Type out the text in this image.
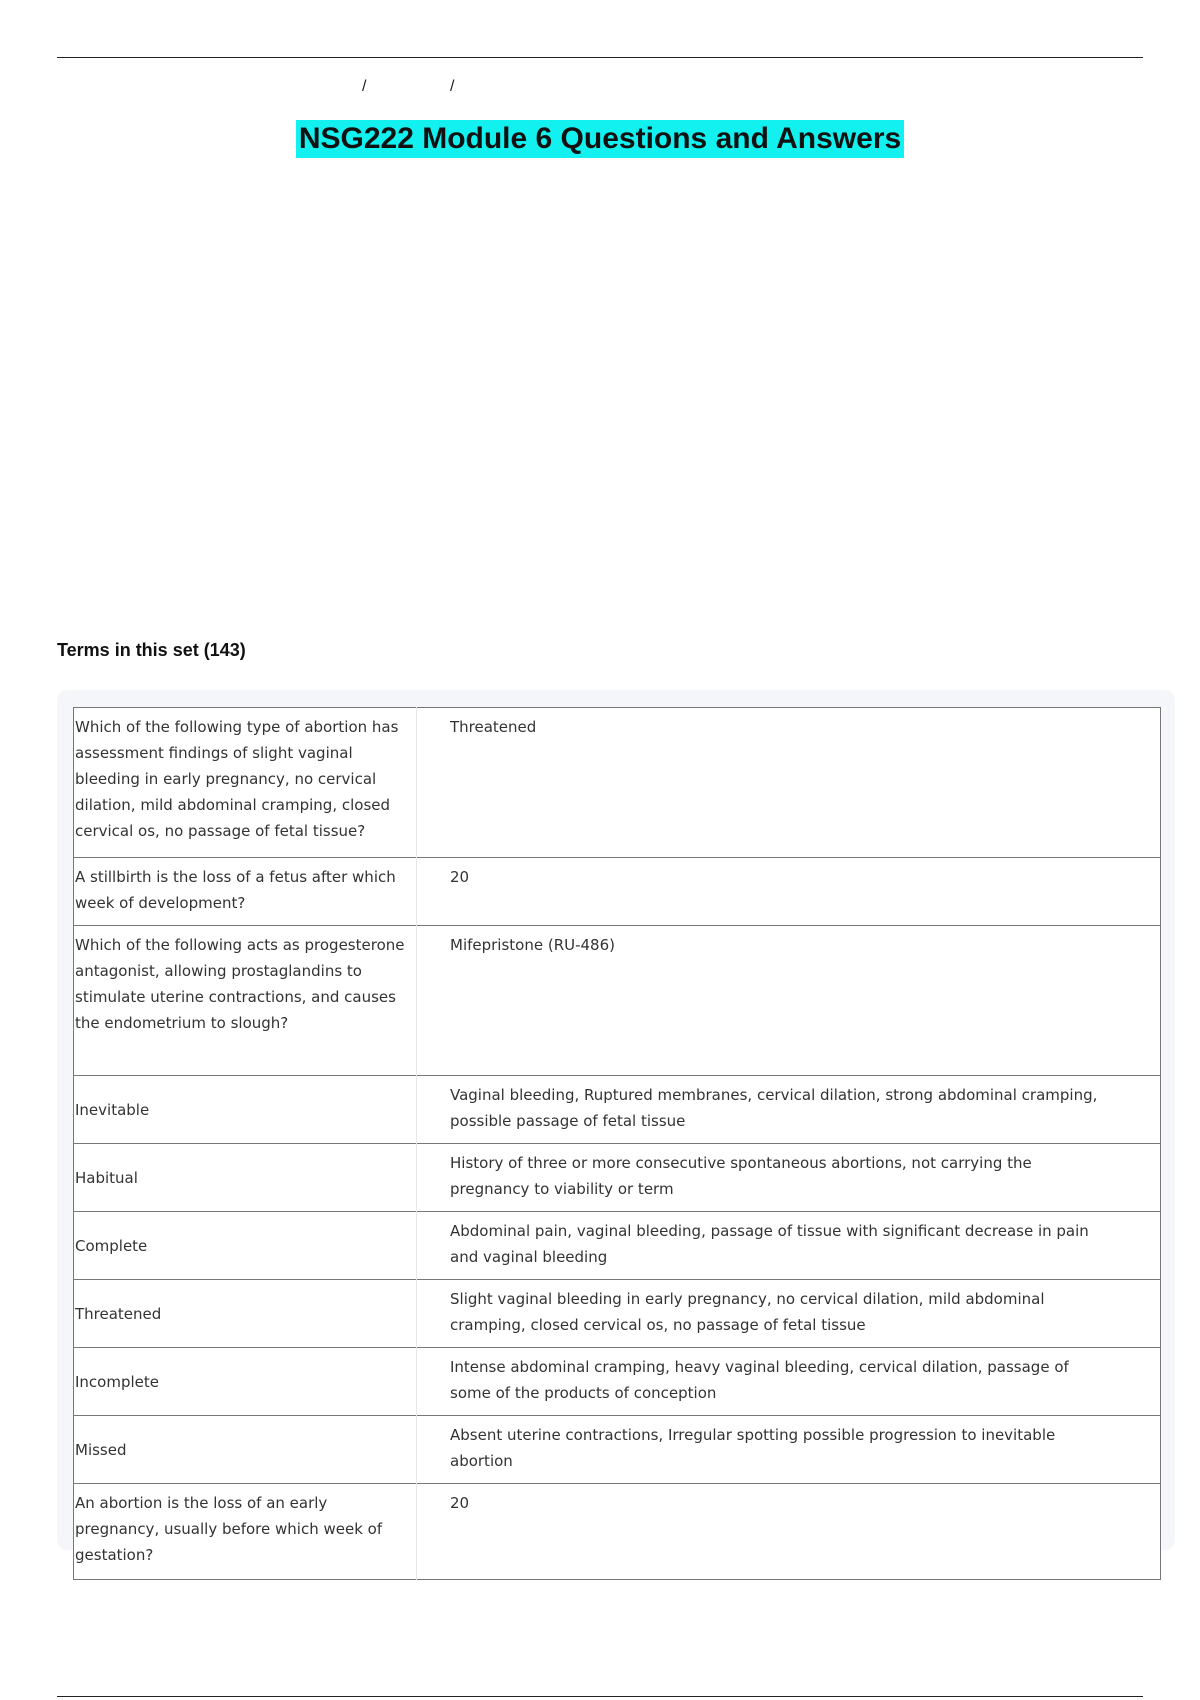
/	/
NSG222 Module 6 Questions and Answers
Terms in this set (143)
Which of the following type of abortion has assessment findings of slight vaginal bleeding in early pregnancy, no cervical dilation, mild abdominal cramping, closed cervical os, no passage of fetal tissue?	Threatened
A stillbirth is the loss of a fetus after which week of development?	20
Which of the following acts as progesterone antagonist, allowing prostaglandins to stimulate uterine contractions, and causes the endometrium to slough?	Mifepristone (RU-486)
Inevitable	Vaginal bleeding, Ruptured membranes, cervical dilation, strong abdominal cramping, possible passage of fetal tissue
Habitual	History of three or more consecutive spontaneous abortions, not carrying the pregnancy to viability or term
Complete	Abdominal pain, vaginal bleeding, passage of tissue with significant decrease in pain and vaginal bleeding
Threatened	Slight vaginal bleeding in early pregnancy, no cervical dilation, mild abdominal cramping, closed cervical os, no passage of fetal tissue
Incomplete	Intense abdominal cramping, heavy vaginal bleeding, cervical dilation, passage of some of the products of conception
Missed	Absent uterine contractions, Irregular spotting possible progression to inevitable abortion
An abortion is the loss of an early pregnancy, usually before which week of gestation?	20
